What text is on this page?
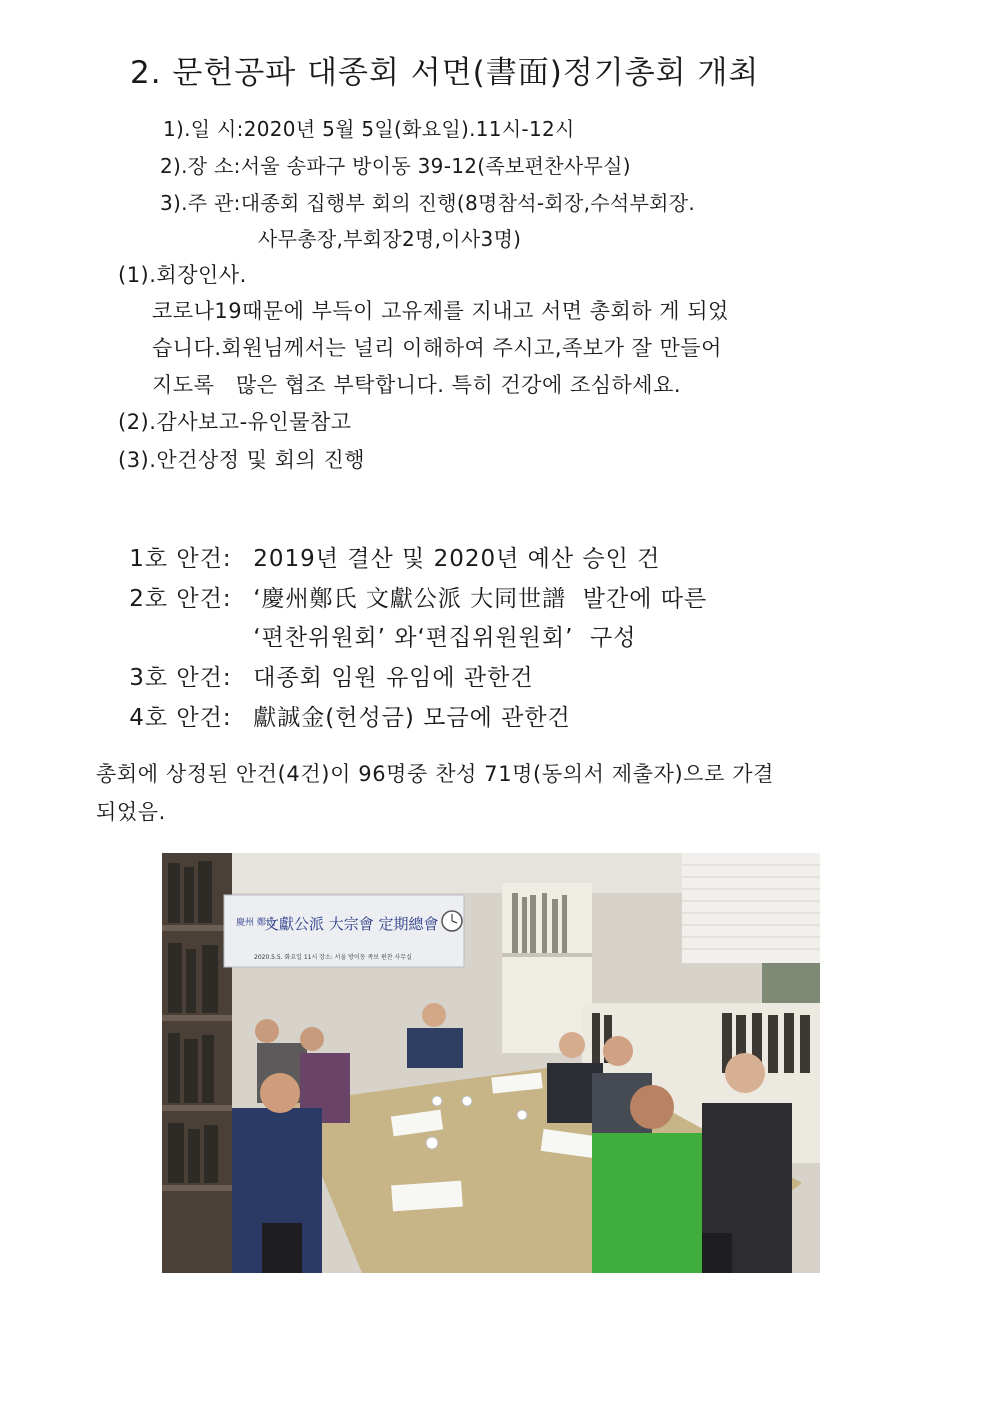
2. 문헌공파 대종회 서면(書面)정기총회 개최
1).일 시:2020년 5월 5일(화요일).11시-12시
2).장 소:서울 송파구 방이동 39-12(족보편찬사무실)
3).주 관:대종회 집행부 회의 진행(8명참석-회장,수석부회장.
사무총장,부회장2명,이사3명)
(1).회장인사.
코로나19때문에 부득이 고유제를 지내고 서면 총회하 게 되었
습니다.회원님께서는 널리 이해하여 주시고,족보가 잘 만들어
지도록   많은 협조 부탁합니다. 특히 건강에 조심하세요.
(2).감사보고-유인물참고
(3).안건상정 및 회의 진행

1호 안건: 2019년 결산 및 2020년 예산 승인 건

2호 안건: ‘慶州鄭氏 文獻公派 大同世譜  발간에 따른

‘편찬위원회’ 와‘편집위원원회’  구성

3호 안건: 대종회 임원 유임에 관한건

4호 안건: 獻誠金(헌성금) 모금에 관한건

총회에 상정된 안건(4건)이 96명중 찬성 71명(동의서 제출자)으로 가결
되었음.
慶州 鄭氏
文獻公派 大宗會 定期總會
2020.5.5. 화요일 11시 장소: 서울 방이동 족보 편찬 사무실
